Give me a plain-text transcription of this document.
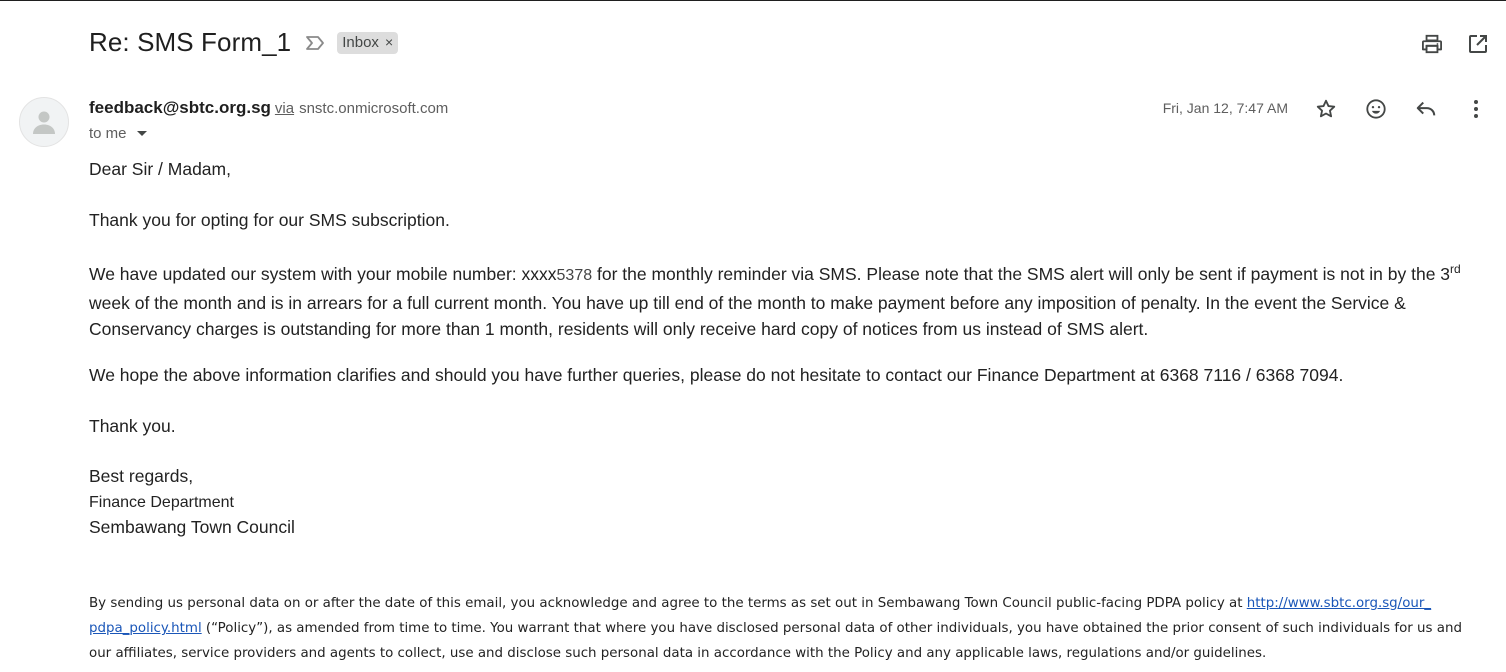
Re: SMS Form_1	Inbox ×
feedback@sbtc.org.sg via snstc.onmicrosoft.com
to me
Fri, Jan 12, 7:47 AM

Dear Sir / Madam,

Thank you for opting for our SMS subscription.

We have updated our system with your mobile number: xxxx5378 for the monthly reminder via SMS. Please note that the SMS alert will only be sent if payment is not in by the 3rd week of the month and is in arrears for a full current month. You have up till end of the month to make payment before any imposition of penalty. In the event the Service & Conservancy charges is outstanding for more than 1 month, residents will only receive hard copy of notices from us instead of SMS alert.

We hope the above information clarifies and should you have further queries, please do not hesitate to contact our Finance Department at 6368 7116 / 6368 7094.

Thank you.

Best regards,

Finance Department

Sembawang Town Council

By sending us personal data on or after the date of this email, you acknowledge and agree to the terms as set out in Sembawang Town Council public-facing PDPA policy at http://www.sbtc.org.sg/our_ pdpa_policy.html (“Policy”), as amended from time to time. You warrant that where you have disclosed personal data of other individuals, you have obtained the prior consent of such individuals for us and our affiliates, service providers and agents to collect, use and disclose such personal data in accordance with the Policy and any applicable laws, regulations and/or guidelines.
